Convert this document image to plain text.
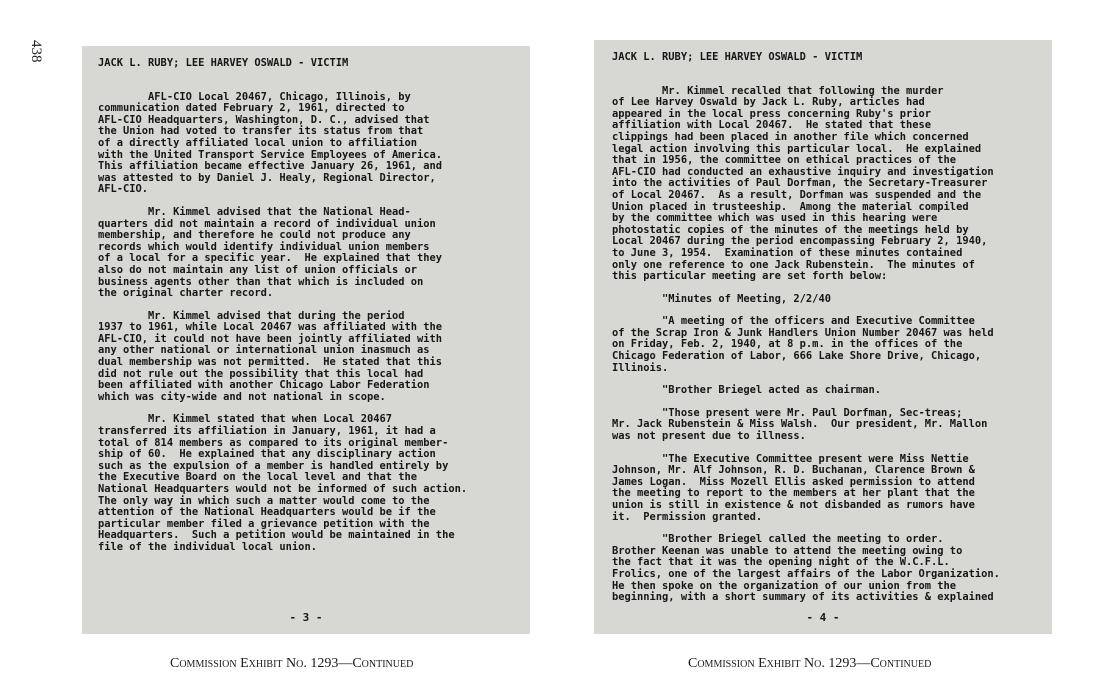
438
JACK L. RUBY; LEE HARVEY OSWALD - VICTIM
AFL-CIO Local 20467, Chicago, Illinois, by
communication dated February 2, 1961, directed to
AFL-CIO Headquarters, Washington, D. C., advised that
the Union had voted to transfer its status from that
of a directly affiliated local union to affiliation
with the United Transport Service Employees of America.
This affiliation became effective January 26, 1961, and
was attested to by Daniel J. Healy, Regional Director,
AFL-CIO.
Mr. Kimmel advised that the National Head-
quarters did not maintain a record of individual union
membership, and therefore he could not produce any
records which would identify individual union members
of a local for a specific year.  He explained that they
also do not maintain any list of union officials or
business agents other than that which is included on
the original charter record.
Mr. Kimmel advised that during the period
1937 to 1961, while Local 20467 was affiliated with the
AFL-CIO, it could not have been jointly affiliated with
any other national or international union inasmuch as
dual membership was not permitted.  He stated that this
did not rule out the possibility that this local had
been affiliated with another Chicago Labor Federation
which was city-wide and not national in scope.
Mr. Kimmel stated that when Local 20467
transferred its affiliation in January, 1961, it had a
total of 814 members as compared to its original member-
ship of 60.  He explained that any disciplinary action
such as the expulsion of a member is handled entirely by
the Executive Board on the local level and that the
National Headquarters would not be informed of such action.
The only way in which such a matter would come to the
attention of the National Headquarters would be if the
particular member filed a grievance petition with the
Headquarters.  Such a petition would be maintained in the
file of the individual local union.
- 3 -
JACK L. RUBY; LEE HARVEY OSWALD - VICTIM
Mr. Kimmel recalled that following the murder
of Lee Harvey Oswald by Jack L. Ruby, articles had
appeared in the local press concerning Ruby's prior
affiliation with Local 20467.  He stated that these
clippings had been placed in another file which concerned
legal action involving this particular local.  He explained
that in 1956, the committee on ethical practices of the
AFL-CIO had conducted an exhaustive inquiry and investigation
into the activities of Paul Dorfman, the Secretary-Treasurer
of Local 20467.  As a result, Dorfman was suspended and the
Union placed in trusteeship.  Among the material compiled
by the committee which was used in this hearing were
photostatic copies of the minutes of the meetings held by
Local 20467 during the period encompassing February 2, 1940,
to June 3, 1954.  Examination of these minutes contained
only one reference to one Jack Rubenstein.  The minutes of
this particular meeting are set forth below:
"Minutes of Meeting, 2/2/40
"A meeting of the officers and Executive Committee
of the Scrap Iron & Junk Handlers Union Number 20467 was held
on Friday, Feb. 2, 1940, at 8 p.m. in the offices of the
Chicago Federation of Labor, 666 Lake Shore Drive, Chicago,
Illinois.
"Brother Briegel acted as chairman.
"Those present were Mr. Paul Dorfman, Sec-treas;
Mr. Jack Rubenstein & Miss Walsh.  Our president, Mr. Mallon
was not present due to illness.
"The Executive Committee present were Miss Nettie
Johnson, Mr. Alf Johnson, R. D. Buchanan, Clarence Brown &
James Logan.  Miss Mozell Ellis asked permission to attend
the meeting to report to the members at her plant that the
union is still in existence & not disbanded as rumors have
it.  Permission granted.
"Brother Briegel called the meeting to order.
Brother Keenan was unable to attend the meeting owing to
the fact that it was the opening night of the W.C.F.L.
Frolics, one of the largest affairs of the Labor Organization.
He then spoke on the organization of our union from the
beginning, with a short summary of its activities & explained
- 4 -
Commission Exhibit No. 1293—Continued	Commission Exhibit No. 1293—Continued
